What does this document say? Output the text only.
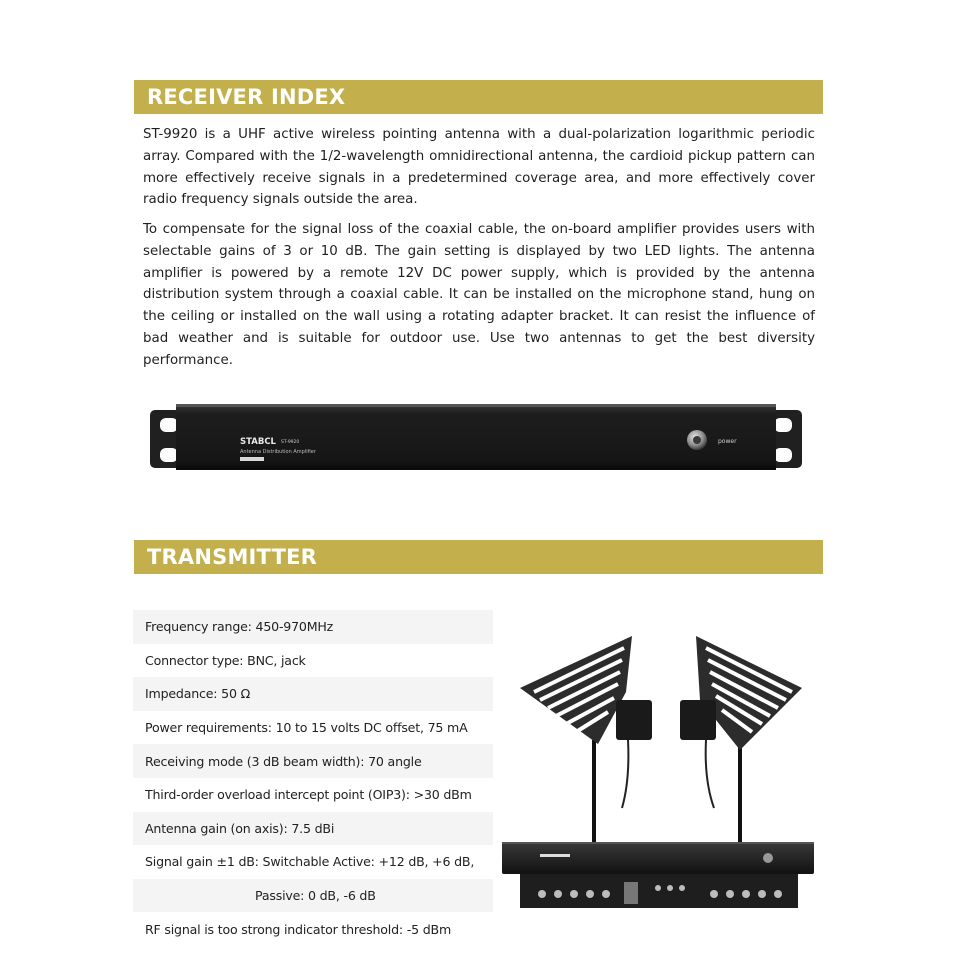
RECEIVER INDEX

ST-9920 is a UHF active wireless pointing antenna with a dual-polarization logarithmic periodic array. Compared with the 1/2-wavelength omnidirectional antenna, the cardioid pickup pattern can more effectively receive signals in a predetermined coverage area, and more effectively cover radio frequency signals outside the area.

To compensate for the signal loss of the coaxial cable, the on-board amplifier provides users with selectable gains of 3 or 10 dB. The gain setting is displayed by two LED lights. The antenna amplifier is powered by a remote 12V DC power supply, which is provided by the antenna distribution system through a coaxial cable. It can be installed on the microphone stand, hung on the ceiling or installed on the wall using a rotating adapter bracket. It can resist the influence of bad weather and is suitable for outdoor use. Use two antennas to get the best diversity performance.

STABCL ST-9920
Antenna Distribution Amplifier
power
TRANSMITTER
Frequency range: 450-970MHz
Connector type: BNC, jack
Impedance: 50 Ω
Power requirements: 10 to 15 volts DC offset, 75 mA
Receiving mode (3 dB beam width): 70 angle
Third-order overload intercept point (OIP3): >30 dBm
Antenna gain (on axis): 7.5 dBi
Signal gain ±1 dB: Switchable Active: +12 dB, +6 dB,
Passive: 0 dB, -6 dB
RF signal is too strong indicator threshold: -5 dBm
